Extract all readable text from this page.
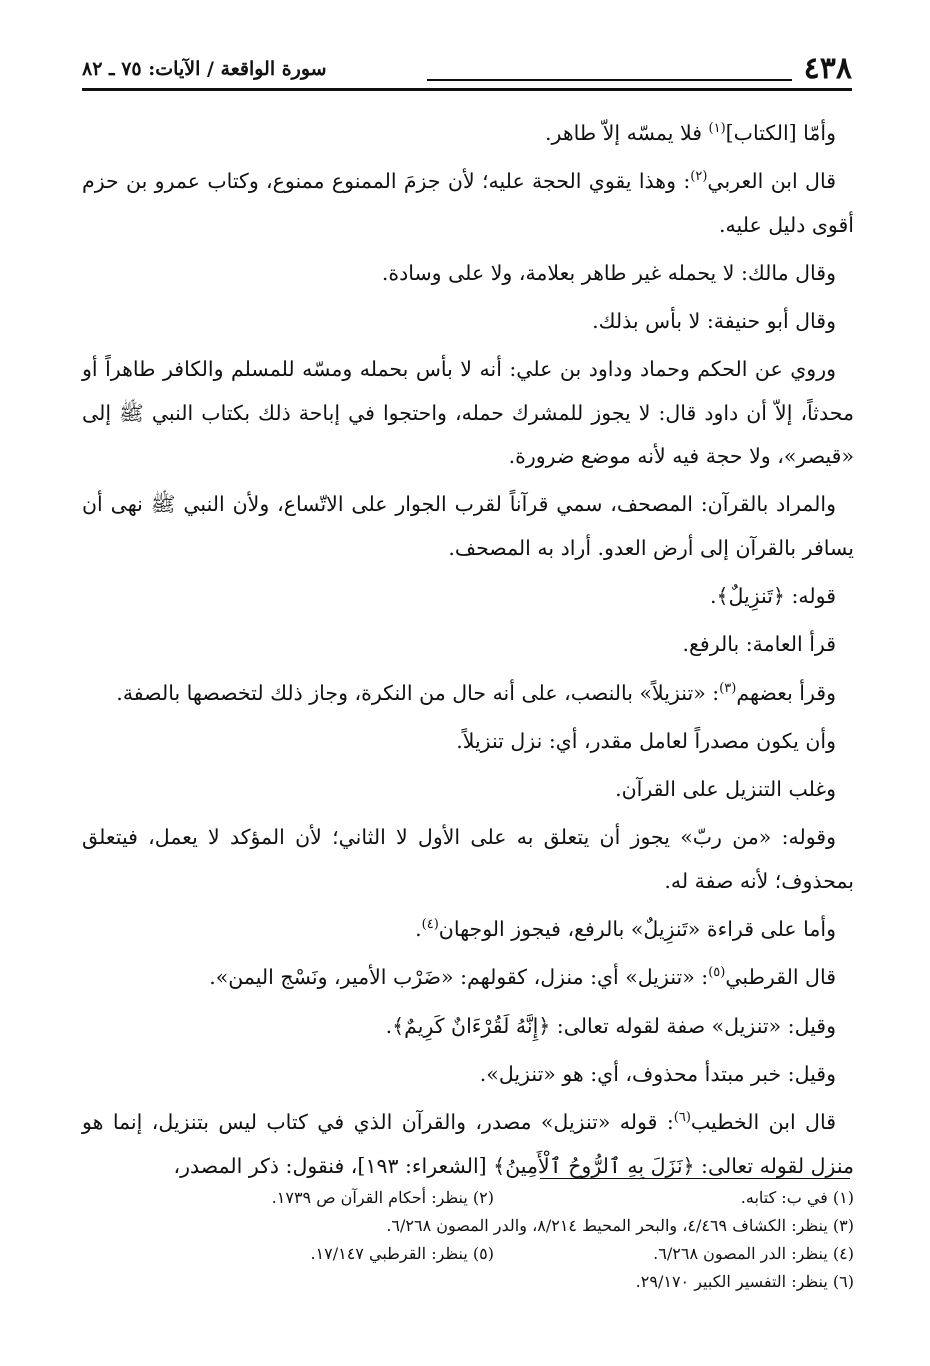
٤٣٨
سورة الواقعة / الآيات: ٧٥ ـ ٨٢

وأمّا [الكتاب]$^{(١)}$ فلا يمسّه إلاّ طاهر.

قال ابن العربي$^{(٢)}$: وهذا يقوي الحجة عليه؛ لأن جزمَ الممنوع ممنوع، وكتاب عمرو بن حزم أقوى دليل عليه.

وقال مالك: لا يحمله غير طاهر بعلامة، ولا على وسادة.

وقال أبو حنيفة: لا بأس بذلك.

وروي عن الحكم وحماد وداود بن علي: أنه لا بأس بحمله ومسّه للمسلم والكافر طاهراً أو محدثاً، إلاّ أن داود قال: لا يجوز للمشرك حمله، واحتجوا في إباحة ذلك بكتاب النبي ﷺ إلى «قيصر»، ولا حجة فيه لأنه موضع ضرورة.

والمراد بالقرآن: المصحف، سمي قرآناً لقرب الجوار على الاتّساع، ولأن النبي ﷺ نهى أن يسافر بالقرآن إلى أرض العدو. أراد به المصحف.

قوله: ﴿تَنزِيلٌ﴾.

قرأ العامة: بالرفع.

وقرأ بعضهم$^{(٣)}$: «تنزيلاً» بالنصب، على أنه حال من النكرة، وجاز ذلك لتخصصها بالصفة.

وأن يكون مصدراً لعامل مقدر، أي: نزل تنزيلاً.

وغلب التنزيل على القرآن.

وقوله: «من ربّ» يجوز أن يتعلق به على الأول لا الثاني؛ لأن المؤكد لا يعمل، فيتعلق بمحذوف؛ لأنه صفة له.

وأما على قراءة «تَنزِيلٌ» بالرفع، فيجوز الوجهان$^{(٤)}$.

قال القرطبي$^{(٥)}$: «تنزيل» أي: منزل، كقولهم: «ضَرْب الأمير، ونَسْج اليمن».

وقيل: «تنزيل» صفة لقوله تعالى: ﴿إِنَّهُ لَقُرْءَانٌ كَرِيمٌ﴾.

وقيل: خبر مبتدأ محذوف، أي: هو «تنزيل».

قال ابن الخطيب$^{(٦)}$: قوله «تنزيل» مصدر، والقرآن الذي في كتاب ليس بتنزيل، إنما هو منزل لقوله تعالى: ﴿نَزَلَ بِهِ ٱلرُّوحُ ٱلْأَمِينُ﴾ [الشعراء: ١٩٣]، فنقول: ذكر المصدر،

(١) في ب: كتابه.
(٢) ينظر: أحكام القرآن ص ١٧٣٩.
(٣) ينظر: الكشاف ٤/٤٦٩، والبحر المحيط ٨/٢١٤، والدر المصون ٦/٢٦٨.
(٤) ينظر: الدر المصون ٦/٢٦٨.
(٥) ينظر: القرطبي ١٧/١٤٧.
(٦) ينظر: التفسير الكبير ٢٩/١٧٠.
